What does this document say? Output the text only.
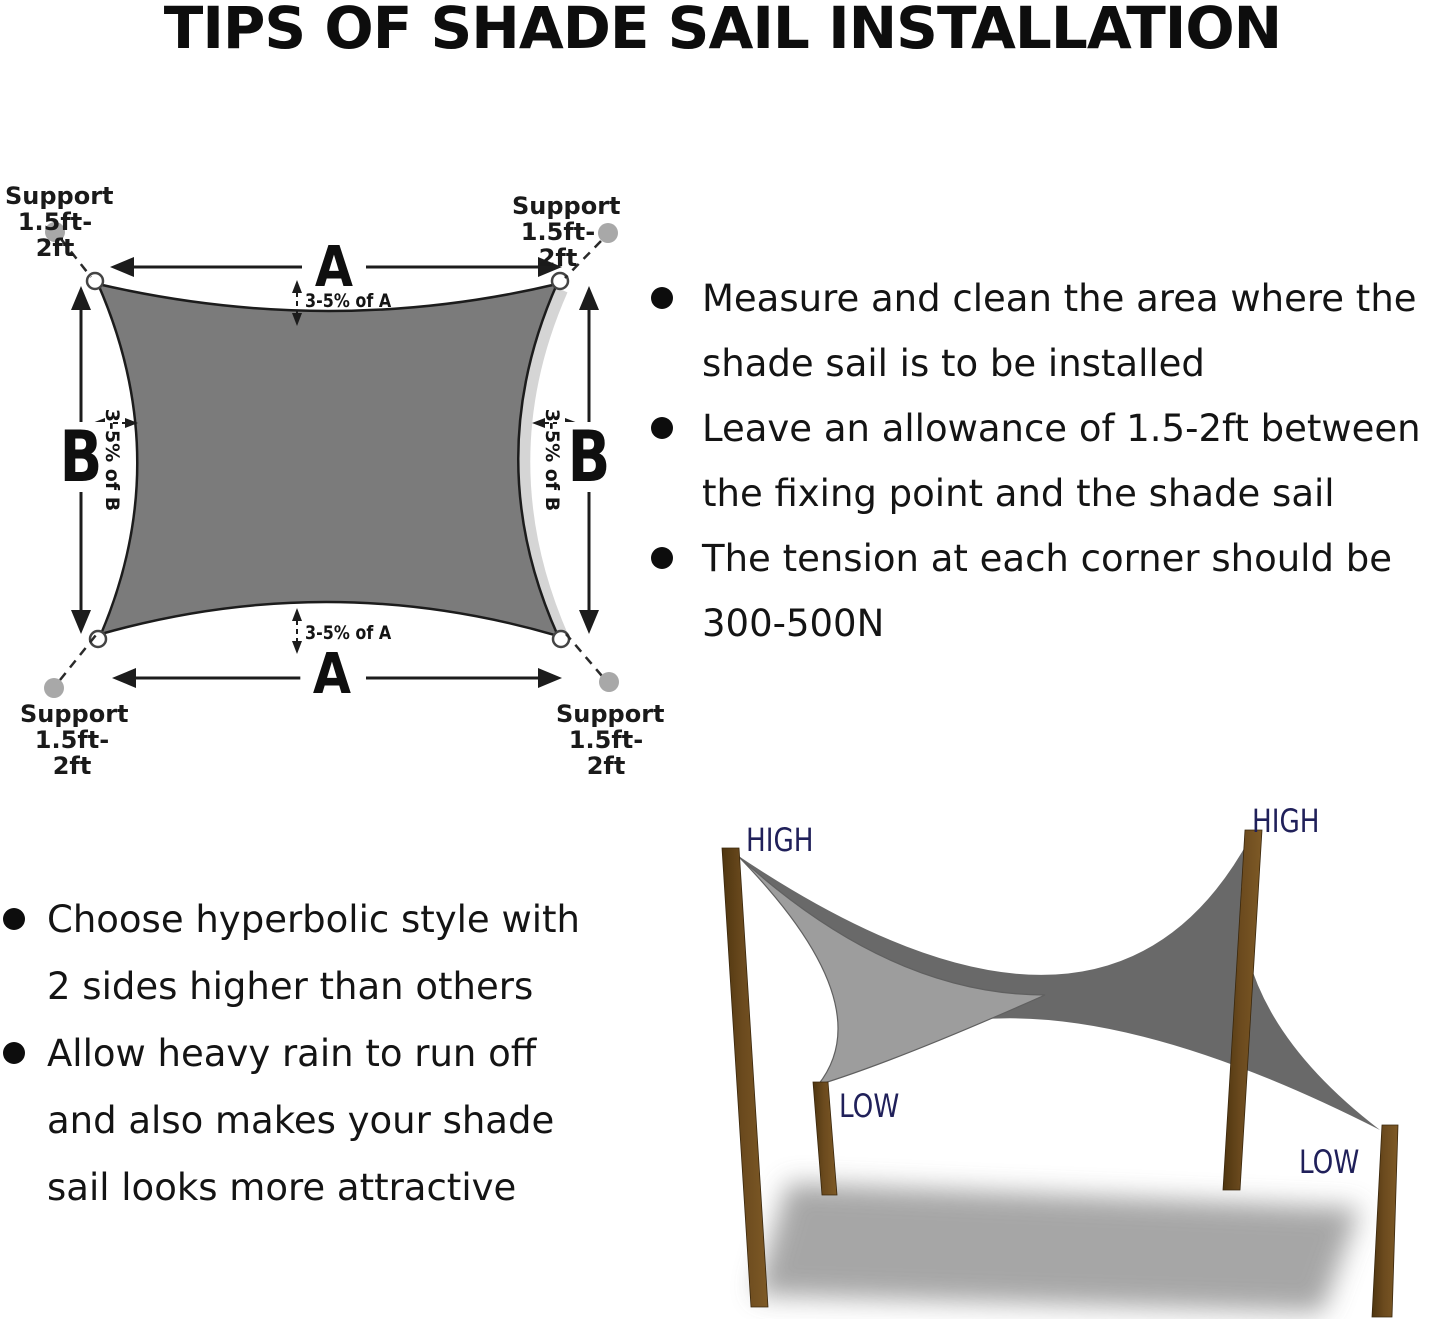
TIPS OF SHADE SAIL INSTALLATION
A
A
B	B
3-5% of A
3-5% of A
3-5% of B	3-5% of B
Support
1.5ft-2ft
Support
1.5ft-2ft
Support
1.5ft-2ft
Support
1.5ft-2ft
Measure and clean the area where the
shade sail is to be installed
Leave an allowance of 1.5-2ft between
the fixing point and the shade sail
The tension at each corner should be
300-500N
Choose hyperbolic style with
2 sides higher than others
Allow heavy rain to run off
and also makes your shade
sail looks more attractive
HIGH	HIGH
LOW
LOW
